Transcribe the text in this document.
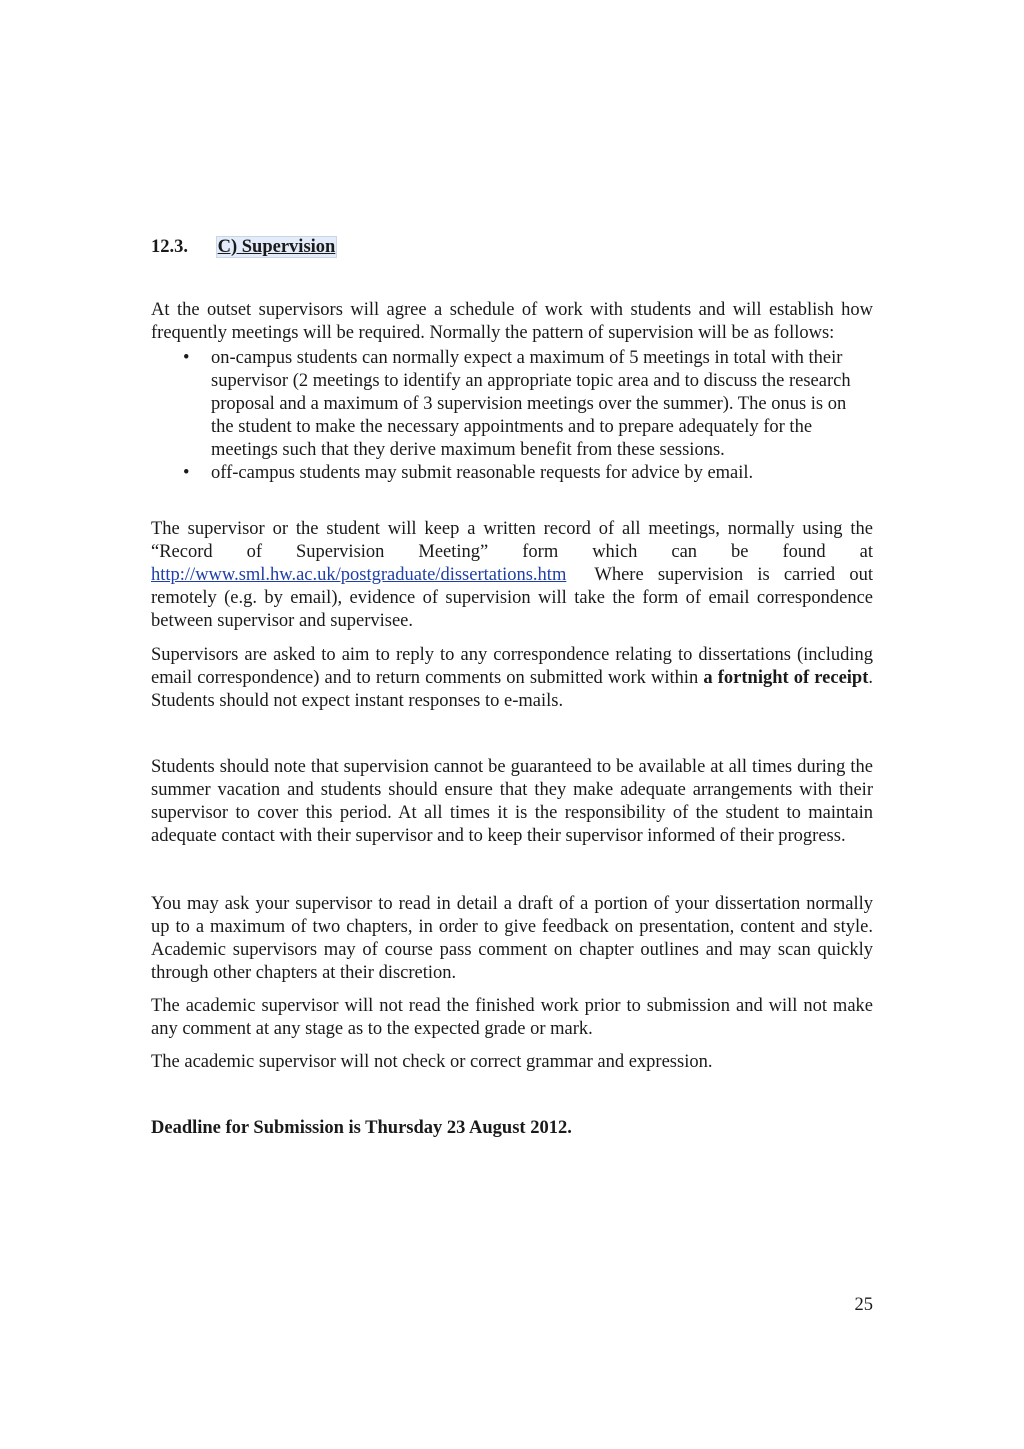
12.3. C) Supervision

At the outset supervisors will agree a schedule of work with students and will establish how frequently meetings will be required. Normally the pattern of supervision will be as follows:

• on-campus students can normally expect a maximum of 5 meetings in total with their supervisor (2 meetings to identify an appropriate topic area and to discuss the research proposal and a maximum of 3 supervision meetings over the summer). The onus is on the student to make the necessary appointments and to prepare adequately for the meetings such that they derive maximum benefit from these sessions.
• off-campus students may submit reasonable requests for advice by email.

The supervisor or the student will keep a written record of all meetings, normally using the “Record of Supervision Meeting” form which can be found at http://www.sml.hw.ac.uk/postgraduate/dissertations.htm  Where supervision is carried out remotely (e.g. by email), evidence of supervision will take the form of email correspondence between supervisor and supervisee.

Supervisors are asked to aim to reply to any correspondence relating to dissertations (including email correspondence) and to return comments on submitted work within a fortnight of receipt. Students should not expect instant responses to e-mails.

Students should note that supervision cannot be guaranteed to be available at all times during the summer vacation and students should ensure that they make adequate arrangements with their supervisor to cover this period. At all times it is the responsibility of the student to maintain adequate contact with their supervisor and to keep their supervisor informed of their progress.

You may ask your supervisor to read in detail a draft of a portion of your dissertation normally up to a maximum of two chapters, in order to give feedback on presentation, content and style. Academic supervisors may of course pass comment on chapter outlines and may scan quickly through other chapters at their discretion.

The academic supervisor will not read the finished work prior to submission and will not make any comment at any stage as to the expected grade or mark.

The academic supervisor will not check or correct grammar and expression.

Deadline for Submission is Thursday 23 August 2012.

25
